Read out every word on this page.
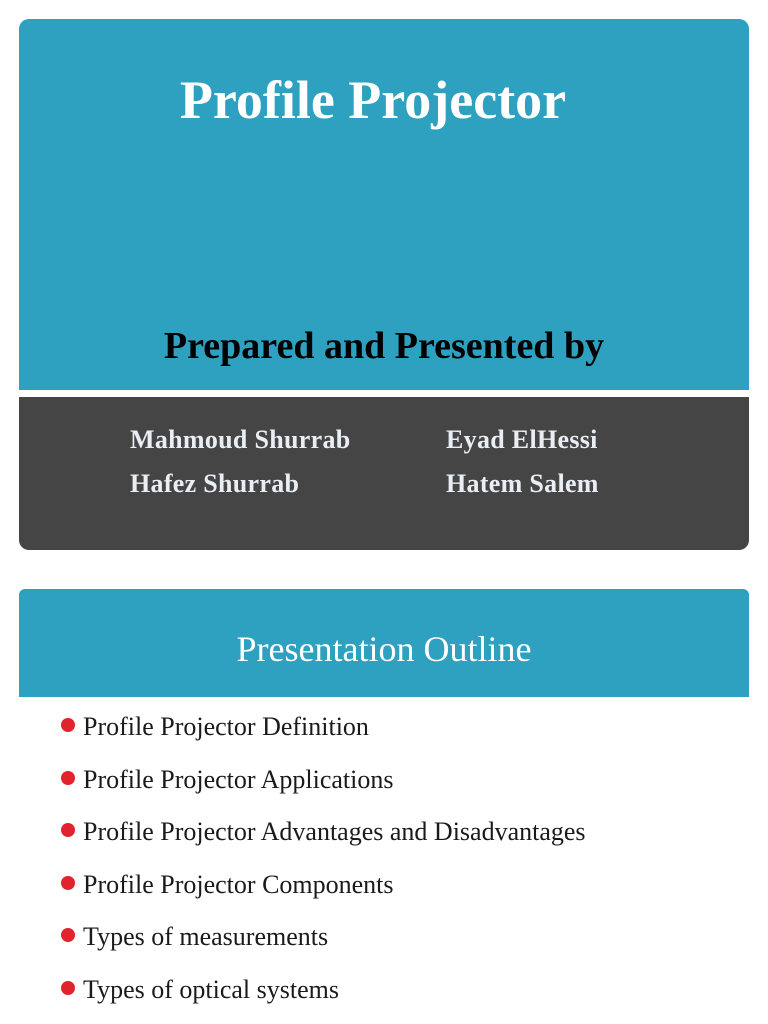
Profile Projector
Prepared and Presented by
Mahmoud Shurrab	Eyad ElHessi
Hafez Shurrab	Hatem Salem
Presentation Outline
Profile Projector Definition
Profile Projector Applications
Profile Projector Advantages and Disadvantages
Profile Projector Components
Types of measurements
Types of optical systems
